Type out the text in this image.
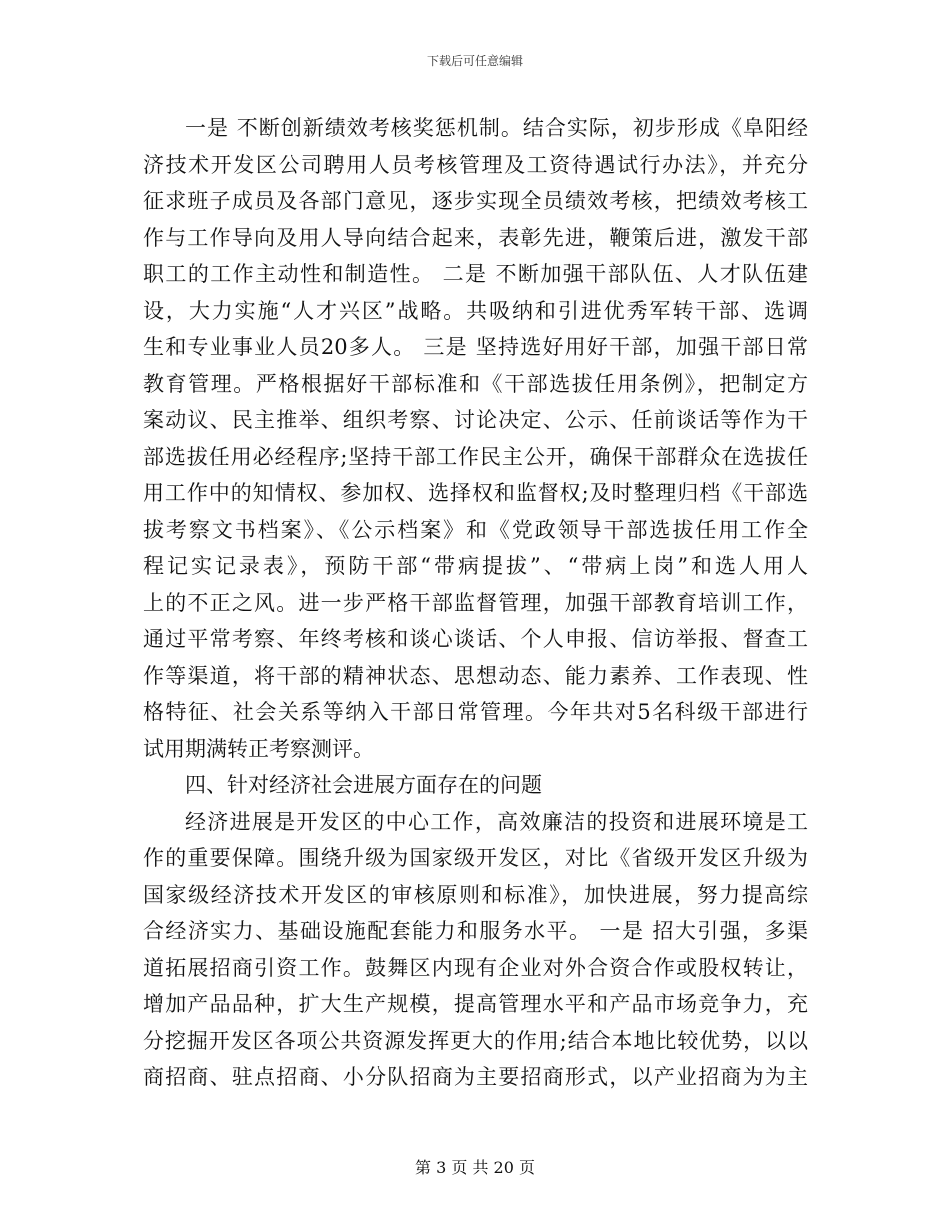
下载后可任意编辑
一是 不断创新绩效考核奖惩机制。结合实际，初步形成《阜阳经
济技术开发区公司聘用人员考核管理及工资待遇试行办法》，并充分
征求班子成员及各部门意见，逐步实现全员绩效考核，把绩效考核工
作与工作导向及用人导向结合起来，表彰先进，鞭策后进，激发干部
职工的工作主动性和制造性。 二是 不断加强干部队伍、人才队伍建
设，大力实施“人才兴区”战略。共吸纳和引进优秀军转干部、选调
生和专业事业人员20多人。 三是 坚持选好用好干部，加强干部日常
教育管理。严格根据好干部标准和《干部选拔任用条例》，把制定方
案动议、民主推举、组织考察、讨论决定、公示、任前谈话等作为干
部选拔任用必经程序;坚持干部工作民主公开，确保干部群众在选拔任
用工作中的知情权、参加权、选择权和监督权;及时整理归档《干部选
拔考察文书档案》、《公示档案》和《党政领导干部选拔任用工作全
程记实记录表》，预防干部“带病提拔”、“带病上岗”和选人用人
上的不正之风。进一步严格干部监督管理，加强干部教育培训工作，
通过平常考察、年终考核和谈心谈话、个人申报、信访举报、督查工
作等渠道，将干部的精神状态、思想动态、能力素养、工作表现、性
格特征、社会关系等纳入干部日常管理。今年共对5名科级干部进行
试用期满转正考察测评。
四、针对经济社会进展方面存在的问题
经济进展是开发区的中心工作，高效廉洁的投资和进展环境是工
作的重要保障。围绕升级为国家级开发区，对比《省级开发区升级为
国家级经济技术开发区的审核原则和标准》，加快进展，努力提高综
合经济实力、基础设施配套能力和服务水平。 一是 招大引强，多渠
道拓展招商引资工作。鼓舞区内现有企业对外合资合作或股权转让，
增加产品品种，扩大生产规模，提高管理水平和产品市场竞争力，充
分挖掘开发区各项公共资源发挥更大的作用;结合本地比较优势，以以
商招商、驻点招商、小分队招商为主要招商形式，以产业招商为为主
第 3 页 共 20 页
